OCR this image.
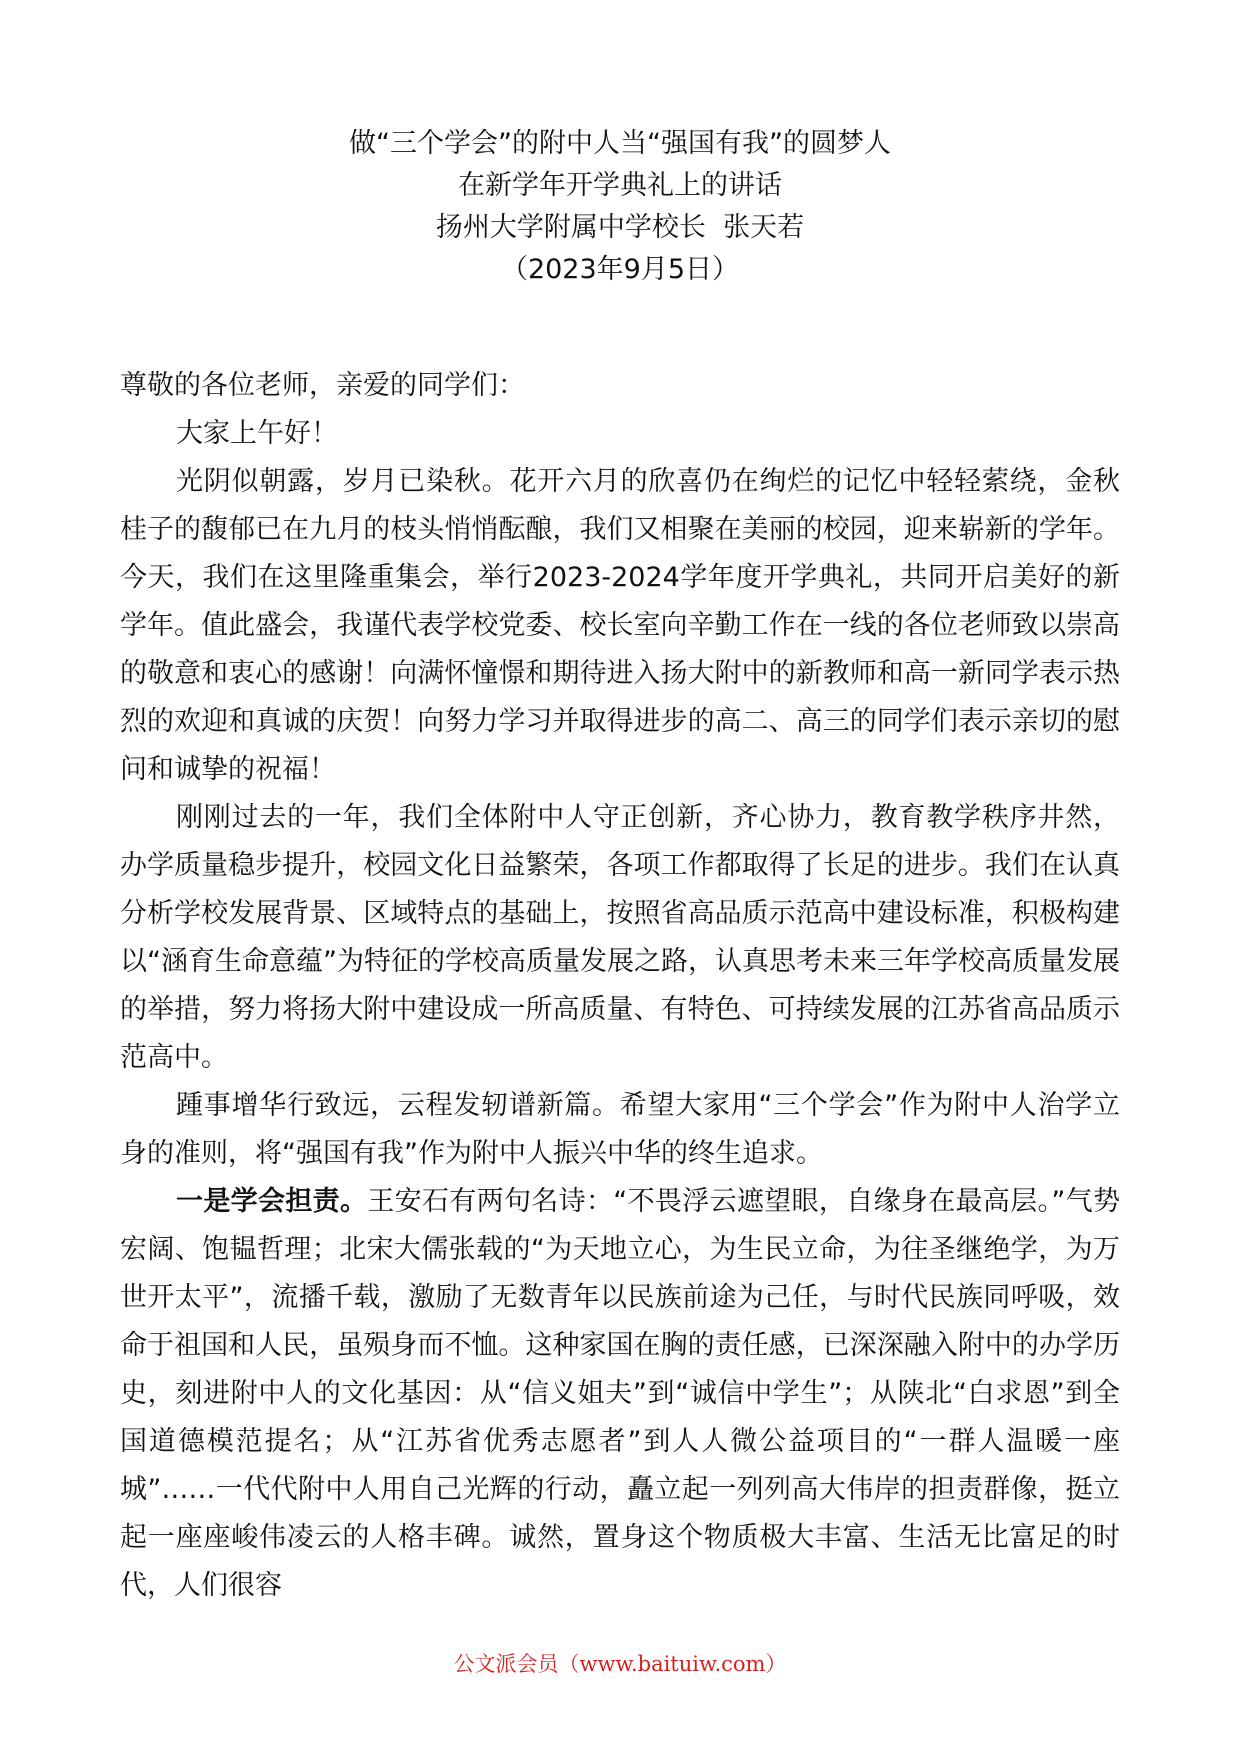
做“三个学会”的附中人当“强国有我”的圆梦人
在新学年开学典礼上的讲话
扬州大学附属中学校长  张天若
（2023年9月5日）

尊敬的各位老师，亲爱的同学们：

大家上午好！

光阴似朝露，岁月已染秋。花开六月的欣喜仍在绚烂的记忆中轻轻萦绕，金秋桂子的馥郁已在九月的枝头悄悄酝酿，我们又相聚在美丽的校园，迎来崭新的学年。今天，我们在这里隆重集会，举行2023-2024学年度开学典礼，共同开启美好的新学年。值此盛会，我谨代表学校党委、校长室向辛勤工作在一线的各位老师致以崇高的敬意和衷心的感谢！向满怀憧憬和期待进入扬大附中的新教师和高一新同学表示热烈的欢迎和真诚的庆贺！向努力学习并取得进步的高二、高三的同学们表示亲切的慰问和诚挚的祝福！

刚刚过去的一年，我们全体附中人守正创新，齐心协力，教育教学秩序井然，办学质量稳步提升，校园文化日益繁荣，各项工作都取得了长足的进步。我们在认真分析学校发展背景、区域特点的基础上，按照省高品质示范高中建设标准，积极构建以“涵育生命意蕴”为特征的学校高质量发展之路，认真思考未来三年学校高质量发展的举措，努力将扬大附中建设成一所高质量、有特色、可持续发展的江苏省高品质示范高中。

踵事增华行致远，云程发轫谱新篇。希望大家用“三个学会”作为附中人治学立身的准则，将“强国有我”作为附中人振兴中华的终生追求。

一是学会担责。王安石有两句名诗：“不畏浮云遮望眼，自缘身在最高层。”气势宏阔、饱韫哲理；北宋大儒张载的“为天地立心，为生民立命，为往圣继绝学，为万世开太平”，流播千载，激励了无数青年以民族前途为己任，与时代民族同呼吸，效命于祖国和人民，虽殒身而不恤。这种家国在胸的责任感，已深深融入附中的办学历史，刻进附中人的文化基因：从“信义姐夫”到“诚信中学生”；从陕北“白求恩”到全国道德模范提名；从“江苏省优秀志愿者”到人人微公益项目的“一群人温暖一座城”……一代代附中人用自己光辉的行动，矗立起一列列高大伟岸的担责群像，挺立起一座座峻伟凌云的人格丰碑。诚然，置身这个物质极大丰富、生活无比富足的时代，人们很容

公文派会员（www.baituiw.com）
